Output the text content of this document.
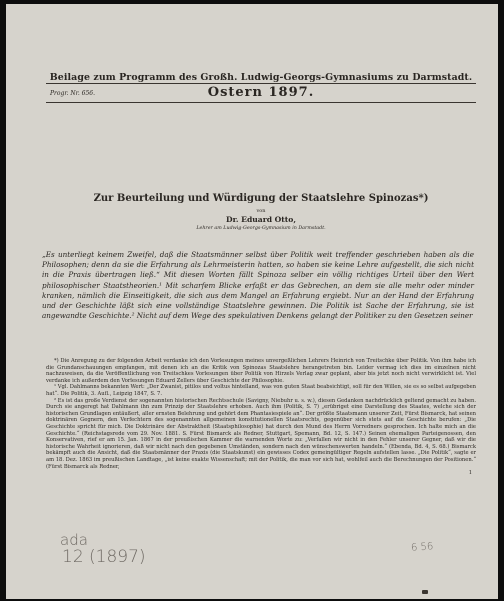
Beilage zum Programm des Großh. Ludwig-Georgs-Gymnasiums zu Darmstadt.
Progr. Nr. 656.	Ostern 1897.
Zur Beurteilung und Würdigung der Staatslehre Spinozas*)
von
Dr. Eduard Otto,
Lehrer am Ludwig-Georgs-Gymnasium in Darmstadt.
„Es unterliegt keinem Zweifel, daß die Staatsmänner selbst über Politik weit treffender geschrieben haben als die Philosophen; denn da sie die Erfahrung als Lehrmeisterin hatten, so haben sie keine Lehre aufgestellt, die sich nicht in die Praxis übertragen ließ.“ Mit diesen Worten fällt Spinoza selber ein völlig richtiges Urteil über den Wert philosophischer Staatstheorien.¹ Mit scharfem Blicke erfaßt er das Gebrechen, an dem sie alle mehr oder minder kranken, nämlich die Einseitigkeit, die sich aus dem Mangel an Erfahrung ergiebt. Nur an der Hand der Erfahrung und der Geschichte läßt sich eine vollständige Staatslehre gewinnen. Die Politik ist Sache der Erfahrung, sie ist angewandte Geschichte.² Nicht auf dem Wege des spekulativen Denkens gelangt der Politiker zu den Gesetzen seiner

*) Die Anregung zu der folgenden Arbeit verdanke ich den Vorlesungen meines unvergeßlichen Lehrers Heinrich von Treitschke über Politik. Von ihm habe ich die Grundanschauungen empfangen, mit denen ich an die Kritik von Spinozas Staatslehre herangetreten bin. Leider vermag ich dies im einzelnen nicht nachzuweisen, da die Veröffentlichung von Treitschkes Vorlesungen über Politik von Hirzels Verlag zwar geplant, aber bis jetzt noch nicht verwirklicht ist. Viel verdanke ich außerdem den Vorlesungen Eduard Zellers über Geschichte der Philosophie.

¹ Vgl. Dahlmanns bekannten Wert: „Der Zwanist, pitilos und voltus hintelland, was von guten Staat beabsichtigt, soll für den Willen, sie es so selbst aufgegeben hat“. Die Politik, 3. Aufl., Leipzig 1847, S. 7.

² Es ist das große Verdienst der sogenannten historischen Rechtsschule (Savigny, Niebuhr u. s. w.), diesen Gedanken nachdrücklich geltend gemacht zu haben. Durch sie angeregt hat Dahlmann ihn zum Prinzip der Staatslehre erhoben. Auch ihm (Politik, S. 7) „erübriget eine Darstellung des Staates, welche sich der historischen Grundlagen entäußert, aller ernsten Belehrung und gehört dem Phantasiespiele an“. Der größte Staatsmann unserer Zeit, Fürst Bismarck, hat seinen doktrinären Gegnern, den Verfechtern des sogenannten allgemeinen konstitutionellen Staatsrechts, gegenüber sich stets auf die Geschichte berufen: „Die Geschichte spricht für mich. Die Doktrinäre der Abstraktheit (Staatsphilosophie) hat durch den Mund des Herrn Vorredners gesprochen. Ich halte mich an die Geschichte.“ (Reichstagsrede vom 29. Nov. 1881. S. Fürst Bismarck als Redner, Stuttgart, Spemann, Bd. 12, S. 147.) Seinen ehemaligen Parteigenossen, den Konservativen, rief er am 15. Jan. 1867 in der preußischen Kammer die warnenden Worte zu: „Verfallen wir nicht in den Fehler unserer Gegner, daß wir die historische Wahrheit ignorieren, daß wir nicht nach den gegebenen Umständen, sondern nach den wünschenswerten handeln.“ (Ebenda, Bd. 4, S. 68.) Bismarck bekämpft auch die Ansicht, daß die Staatsmänner der Praxis (die Staatskunst) ein gewisses Codex gemeingültiger Regeln aufstellen lasse. „Die Politik“, sagte er am 18. Dez. 1863 im preußischen Landtage, „ist keine exakte Wissenschaft; mit der Politik, die man vor sich hat, wohlfeil auch die Berechnungen der Positionen.“ (Fürst Bismarck als Redner,

1
ada
12 (1897)	6 56
